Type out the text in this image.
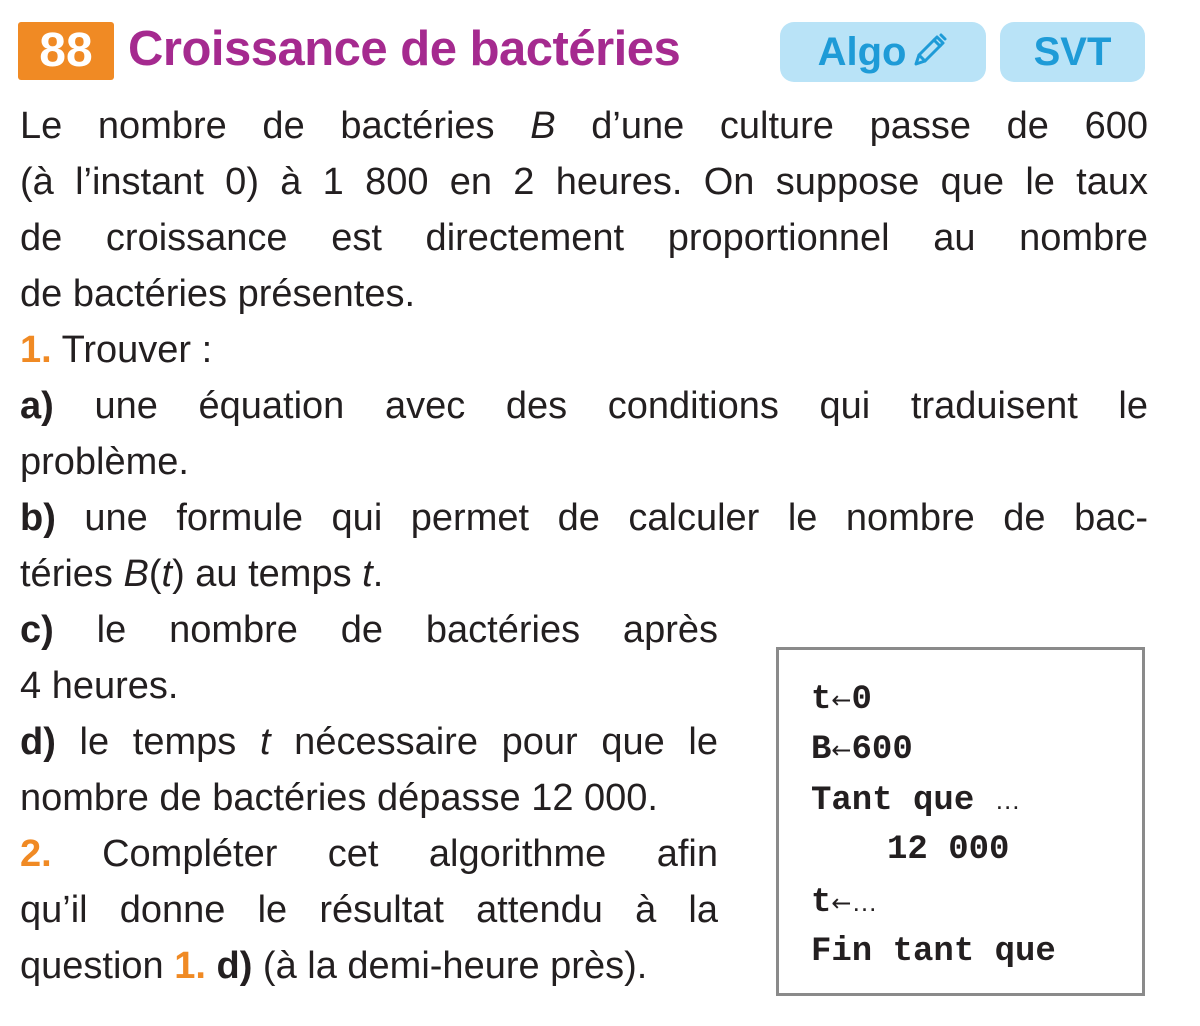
88 Croissance de bactéries	Algo	SVT
Le nombre de bactéries B d’une culture passe de 600
(à l’instant 0) à 1 800 en 2 heures. On suppose que le taux
de croissance est directement proportionnel au nombre
de bactéries présentes.
1. Trouver :
a) une équation avec des conditions qui traduisent le
problème.
b) une formule qui permet de calculer le nombre de bac-
téries B(t) au temps t.
c) le nombre de bactéries après
4 heures.
d) le temps t nécessaire pour que le
nombre de bactéries dépasse 12 000.
2. Compléter cet algorithme afin
qu’il donne le résultat attendu à la
question 1. d) (à la demi-heure près).
t←0
B←600
Tant que …
12 000
t←…
Fin tant que
